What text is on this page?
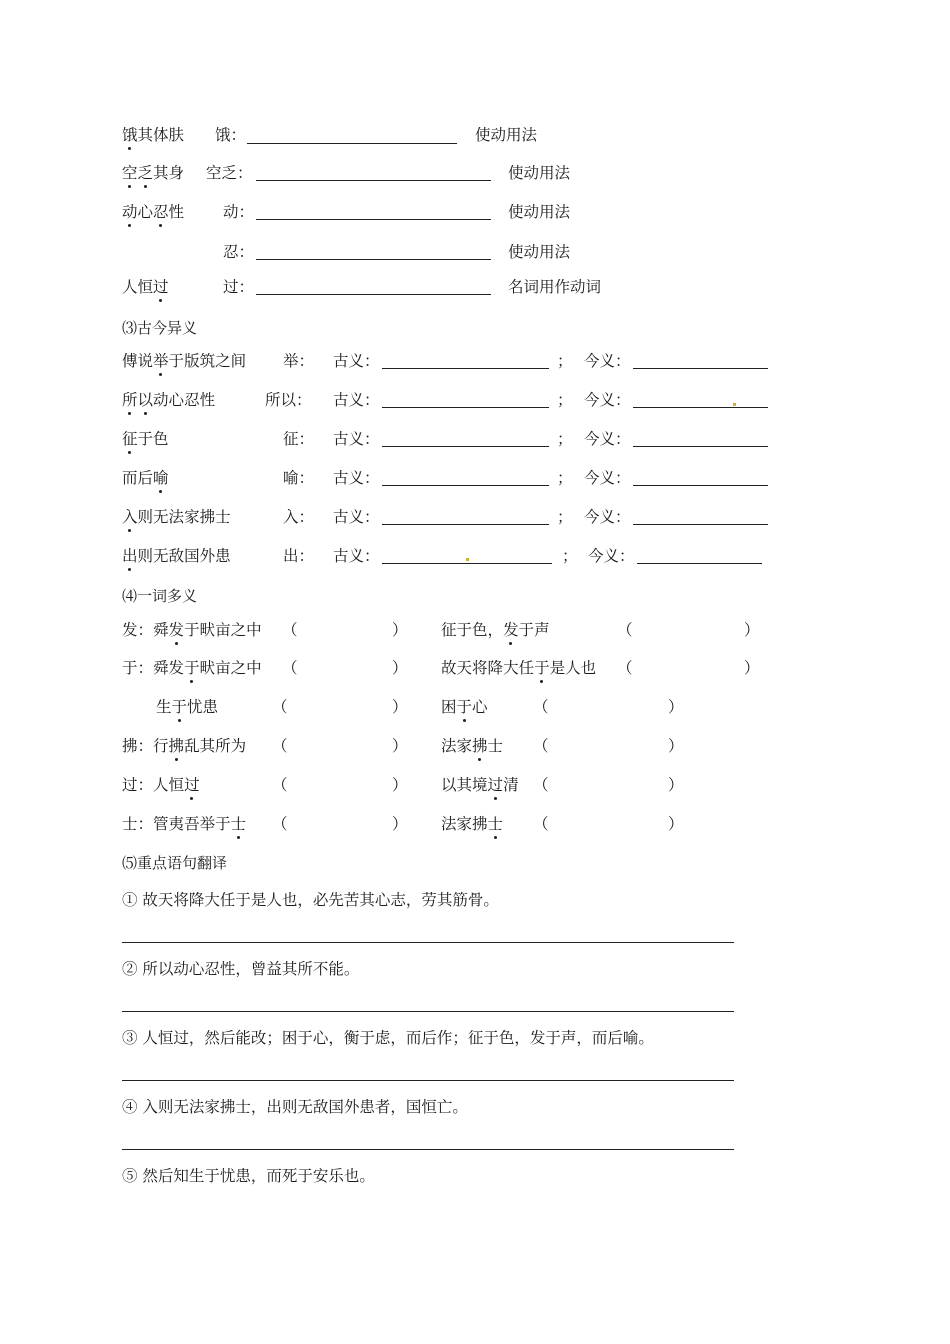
饿其体肤 饿：	使动用法
空乏其身 空乏：	使动用法
动心忍性	动：	使动用法
忍：	使动用法
人恒过	过：	名词用作动词
⑶古今异义
傅说举于版筑之间 举： 古义：	； 今义：
所以动心忍性	所以： 古义：	； 今义：
征于色	征： 古义：	； 今义：
而后喻	喻： 古义：	； 今义：
入则无法家拂士	入： 古义：	； 今义：
出则无敌国外患	出： 古义：	； 今义：
⑷一词多义
发：舜发于畎亩之中 （	） 征于色，发于声	（	）
于：舜发于畎亩之中 （	） 故天将降大任于是人也 （	）
生于忧患	（	） 困于心	（	）
拂：行拂乱其所为 （	） 法家拂士 （	）
过：人恒过	（	） 以其境过清 （	）
士：管夷吾举于士 （	） 法家拂士 （	）
⑸重点语句翻译
① 故天将降大任于是人也，必先苦其心志，劳其筋骨。
② 所以动心忍性，曾益其所不能。
③ 人恒过，然后能改；困于心，衡于虑，而后作；征于色，发于声，而后喻。
④ 入则无法家拂士，出则无敌国外患者，国恒亡。
⑤ 然后知生于忧患，而死于安乐也。
